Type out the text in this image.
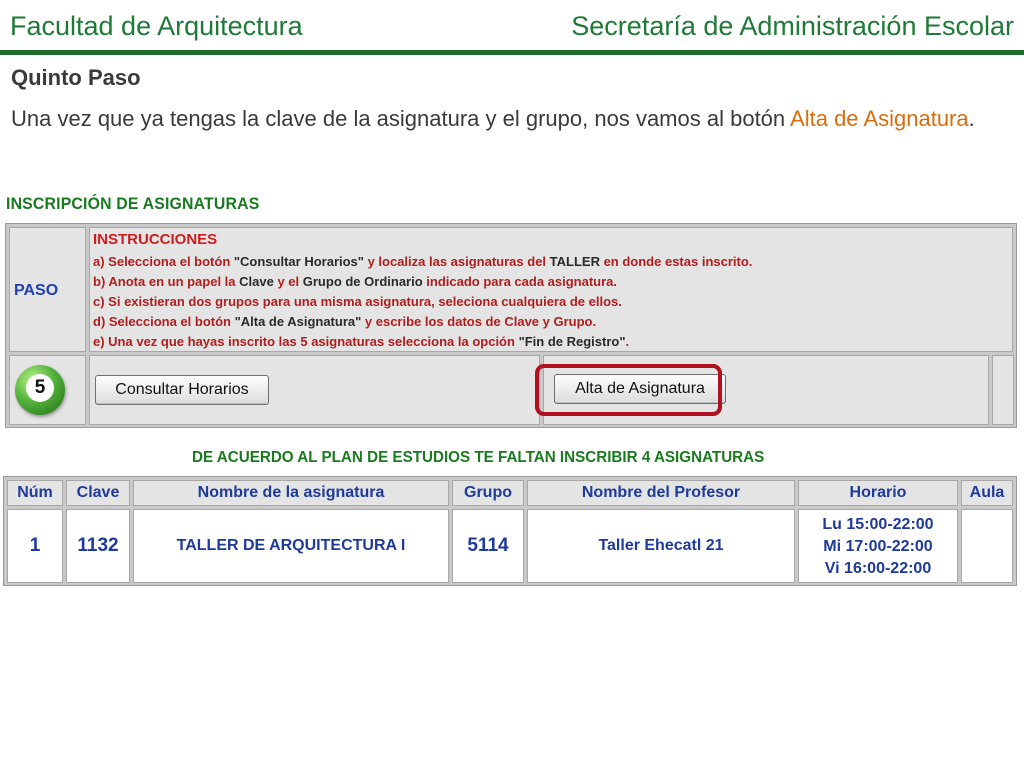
Facultad de Arquitectura	Secretaría de Administración Escolar
Quinto Paso
Una vez que ya tengas la clave de la asignatura y el grupo, nos vamos al botón Alta de Asignatura.
INSCRIPCIÓN DE ASIGNATURAS
PASO
INSTRUCCIONES
a) Selecciona el botón "Consultar Horarios" y localiza las asignaturas del TALLER en donde estas inscrito.
b) Anota en un papel la Clave y el Grupo de Ordinario indicado para cada asignatura.
c) Si existieran dos grupos para una misma asignatura, seleciona cualquiera de ellos.
d) Selecciona el botón "Alta de Asignatura" y escribe los datos de Clave y Grupo.
e) Una vez que hayas inscrito las 5 asignaturas selecciona la opción "Fin de Registro".
5	Consultar Horarios	Alta de Asignatura
DE ACUERDO AL PLAN DE ESTUDIOS TE FALTAN INSCRIBIR 4 ASIGNATURAS
Núm	Clave	Nombre de la asignatura	Grupo	Nombre del Profesor	Horario	Aula
1	1132	TALLER DE ARQUITECTURA I	5114	Taller Ehecatl 21
Lu 15:00-22:00
Mi 17:00-22:00
Vi 16:00-22:00
